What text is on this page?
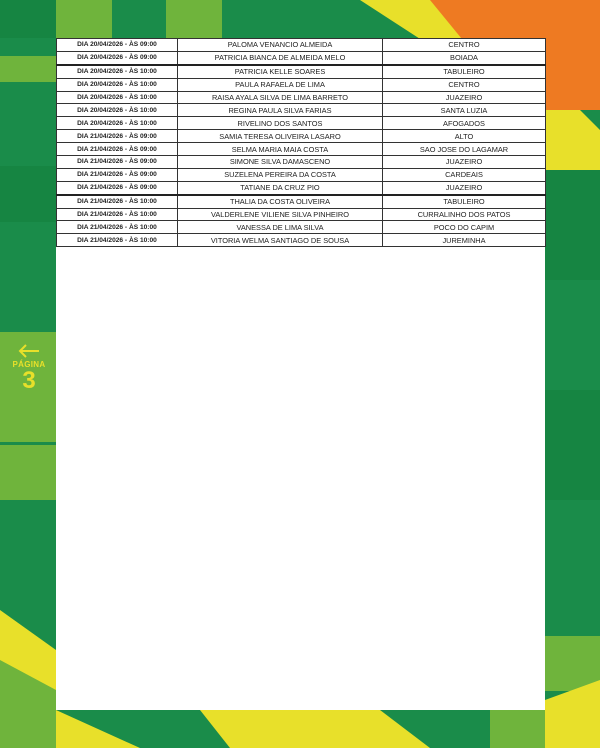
DIA 20/04/2026 - ÀS 09:00	PALOMA VENANCIO ALMEIDA	CENTRO
DIA 20/04/2026 - ÀS 09:00	PATRICIA BIANCA DE ALMEIDA MELO	BOIADA
DIA 20/04/2026 - ÀS 10:00	PATRICIA KELLE SOARES	TABULEIRO
DIA 20/04/2026 - ÀS 10:00	PAULA RAFAELA DE LIMA	CENTRO
DIA 20/04/2026 - ÀS 10:00	RAISA AYALA SILVA DE LIMA BARRETO	JUAZEIRO
DIA 20/04/2026 - ÀS 10:00	REGINA PAULA SILVA FARIAS	SANTA LUZIA
DIA 20/04/2026 - ÀS 10:00	RIVELINO DOS SANTOS	AFOGADOS
DIA 21/04/2026 - ÀS 09:00	SAMIA TERESA OLIVEIRA LASARO	ALTO
DIA 21/04/2026 - ÀS 09:00	SELMA MARIA MAIA COSTA	SAO JOSE DO LAGAMAR
DIA 21/04/2026 - ÀS 09:00	SIMONE SILVA DAMASCENO	JUAZEIRO
DIA 21/04/2026 - ÀS 09:00	SUZELENA PEREIRA DA COSTA	CARDEAIS
DIA 21/04/2026 - ÀS 09:00	TATIANE DA CRUZ PIO	JUAZEIRO
DIA 21/04/2026 - ÀS 10:00	THALIA DA COSTA OLIVEIRA	TABULEIRO
DIA 21/04/2026 - ÀS 10:00	VALDERLENE VILIENE SILVA PINHEIRO	CURRALINHO DOS PATOS
DIA 21/04/2026 - ÀS 10:00	VANESSA DE LIMA SILVA	POCO DO CAPIM
DIA 21/04/2026 - ÀS 10:00	VITORIA WELMA SANTIAGO DE SOUSA	JUREMINHA
PÁGINA
3
